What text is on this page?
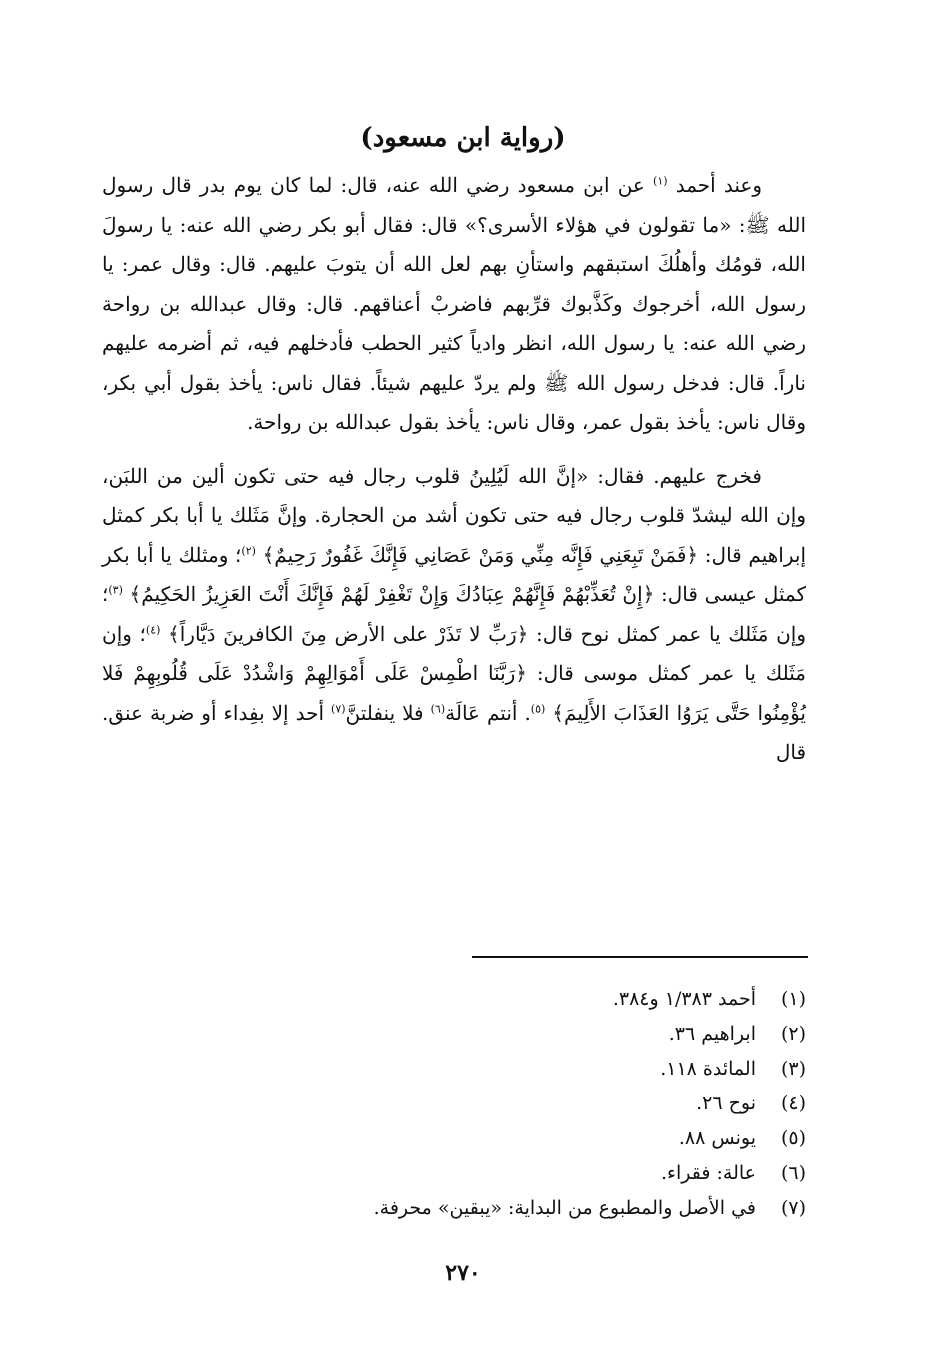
(رواية ابن مسعود)

وعند أحمد $^{(١)}$ عن ابن مسعود رضي الله عنه، قال: لما كان يوم بدر قال رسول الله ﷺ: «ما تقولون في هؤلاء الأسرى؟» قال: فقال أبو بكر رضي الله عنه: يا رسولَ الله، قومُك وأهلُكَ استبقهم واستأنِ بهم لعل الله أن يتوبَ عليهم. قال: وقال عمر: يا رسول الله، أخرجوك وكَذَّبوك قرِّبهم فاضربْ أعناقهم. قال: وقال عبدالله بن رواحة رضي الله عنه: يا رسول الله، انظر وادياً كثير الحطب فأدخلهم فيه، ثم أضرمه عليهم ناراً. قال: فدخل رسول الله ﷺ ولم يردّ عليهم شيئاً. فقال ناس: يأخذ بقول أبي بكر، وقال ناس: يأخذ بقول عمر، وقال ناس: يأخذ بقول عبدالله بن رواحة.

فخرج عليهم. فقال: «إنَّ الله لَيُلِينُ قلوب رجال فيه حتى تكون ألين من اللبَن، وإن الله ليشدّ قلوب رجال فيه حتى تكون أشد من الحجارة. وإنَّ مَثَلك يا أبا بكر كمثل إبراهيم قال: ﴿فَمَنْ تَبِعَنِي فَإِنَّه مِنِّي وَمَنْ عَصَانِي فَإِنَّكَ غَفُورٌ رَحِيمٌ﴾ $^{(٢)}$؛ ومثلك يا أبا بكر كمثل عيسى قال: ﴿إِنْ تُعَذِّبْهُمْ فَإِنَّهُمْ عِبَادُكَ وَإِنْ تَغْفِرْ لَهُمْ فَإِنَّكَ أَنْتَ العَزِيزُ الحَكِيمُ﴾ $^{(٣)}$؛ وإن مَثَلك يا عمر كمثل نوح قال: ﴿رَبِّ لا تَذَرْ على الأرض مِنَ الكافرينَ دَيَّاراً﴾ $^{(٤)}$؛ وإن مَثَلك يا عمر كمثل موسى قال: ﴿رَبَّنَا اطْمِسْ عَلَى أَمْوَالِهِمْ وَاشْدُدْ عَلَى قُلُوبِهِمْ فَلا يُؤْمِنُوا حَتَّى يَرَوُا العَذَابَ الأَلِيمَ﴾ $^{(٥)}$. أنتم عَالَة$^{(٦)}$ فلا ينفلتنَّ$^{(٧)}$ أحد إلا بفِداء أو ضربة عنق. قال

(١)
أحمد ١/٣٨٣ و٣٨٤.
(٢)
ابراهيم ٣٦.
(٣)
المائدة ١١٨.
(٤)
نوح ٢٦.
(٥)
يونس ٨٨.
(٦)
عالة: فقراء.
(٧)
في الأصل والمطبوع من البداية: «يبقين» محرفة.
٢٧٠
